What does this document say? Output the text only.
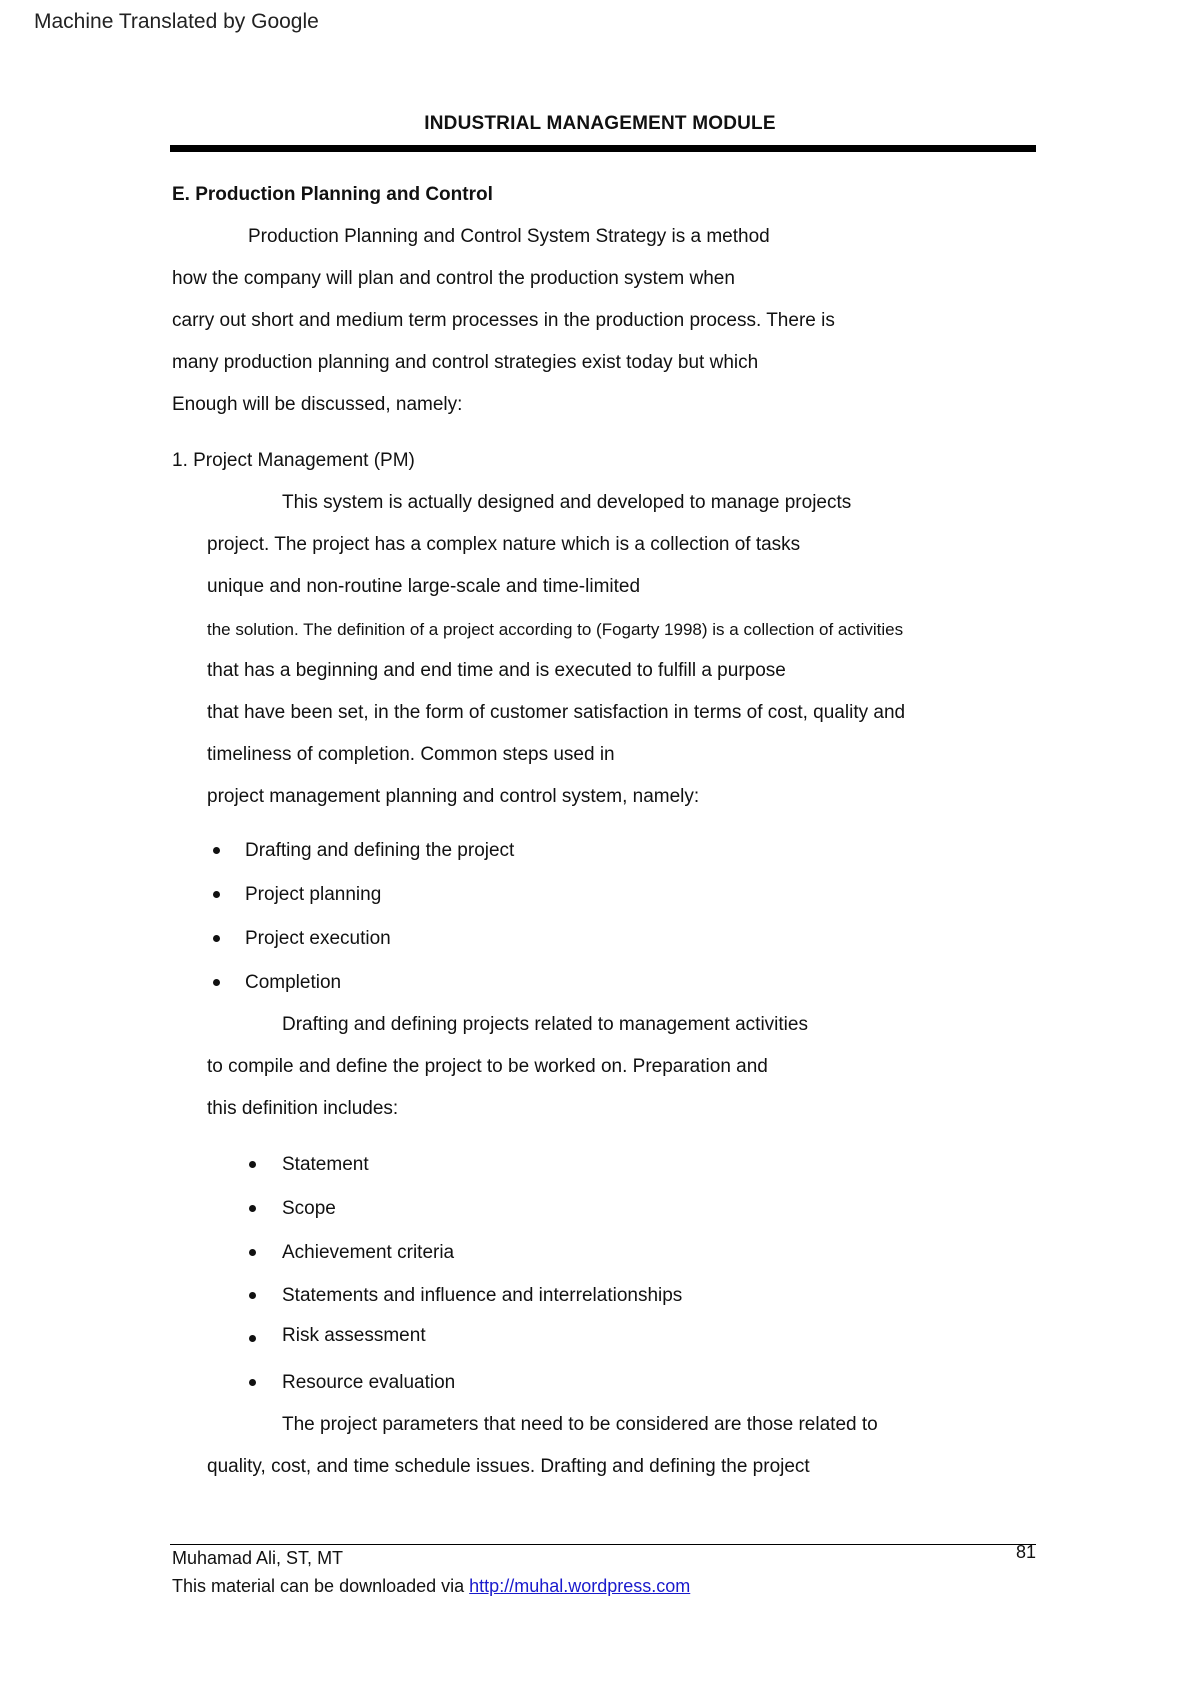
Machine Translated by Google
INDUSTRIAL MANAGEMENT MODULE
E. Production Planning and Control
Production Planning and Control System Strategy is a method
how the company will plan and control the production system when
carry out short and medium term processes in the production process. There is
many production planning and control strategies exist today but which
Enough will be discussed, namely:
1. Project Management (PM)
This system is actually designed and developed to manage projects
project. The project has a complex nature which is a collection of tasks
unique and non-routine large-scale and time-limited
the solution. The definition of a project according to (Fogarty 1998) is a collection of activities
that has a beginning and end time and is executed to fulfill a purpose
that have been set, in the form of customer satisfaction in terms of cost, quality and
timeliness of completion. Common steps used in
project management planning and control system, namely:
Drafting and defining the project
Project planning
Project execution
Completion
Drafting and defining projects related to management activities
to compile and define the project to be worked on. Preparation and
this definition includes:
Statement
Scope
Achievement criteria
Statements and influence and interrelationships
Risk assessment
Resource evaluation
The project parameters that need to be considered are those related to
quality, cost, and time schedule issues. Drafting and defining the project
Muhamad Ali, ST, MT	81
This material can be downloaded via http://muhal.wordpress.com
